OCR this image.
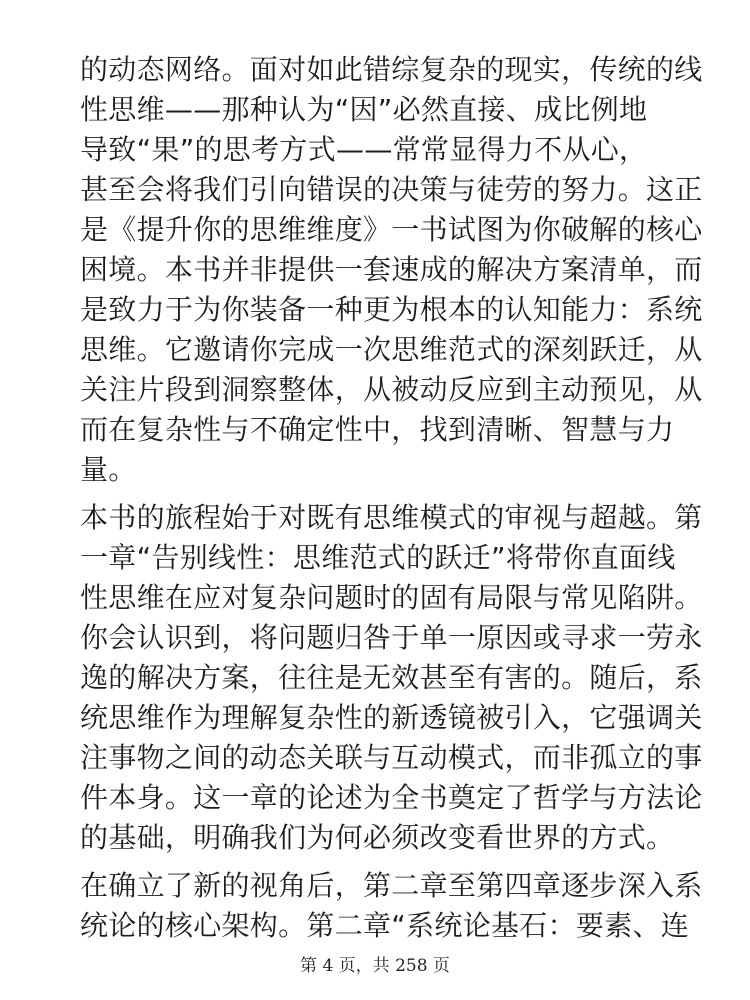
的动态网络。面对如此错综复杂的现实，传统的线
性思维——那种认为“因”必然直接、成比例地
导致“果”的思考方式——常常显得力不从心，
甚至会将我们引向错误的决策与徒劳的努力。这正
是《提升你的思维维度》一书试图为你破解的核心
困境。本书并非提供一套速成的解决方案清单，而
是致力于为你装备一种更为根本的认知能力：系统
思维。它邀请你完成一次思维范式的深刻跃迁，从
关注片段到洞察整体，从被动反应到主动预见，从
而在复杂性与不确定性中，找到清晰、智慧与力
量。
本书的旅程始于对既有思维模式的审视与超越。第
一章“告别线性：思维范式的跃迁”将带你直面线
性思维在应对复杂问题时的固有局限与常见陷阱。
你会认识到，将问题归咎于单一原因或寻求一劳永
逸的解决方案，往往是无效甚至有害的。随后，系
统思维作为理解复杂性的新透镜被引入，它强调关
注事物之间的动态关联与互动模式，而非孤立的事
件本身。这一章的论述为全书奠定了哲学与方法论
的基础，明确我们为何必须改变看世界的方式。
在确立了新的视角后，第二章至第四章逐步深入系
统论的核心架构。第二章“系统论基石：要素、连
第 4 页，共 258 页
